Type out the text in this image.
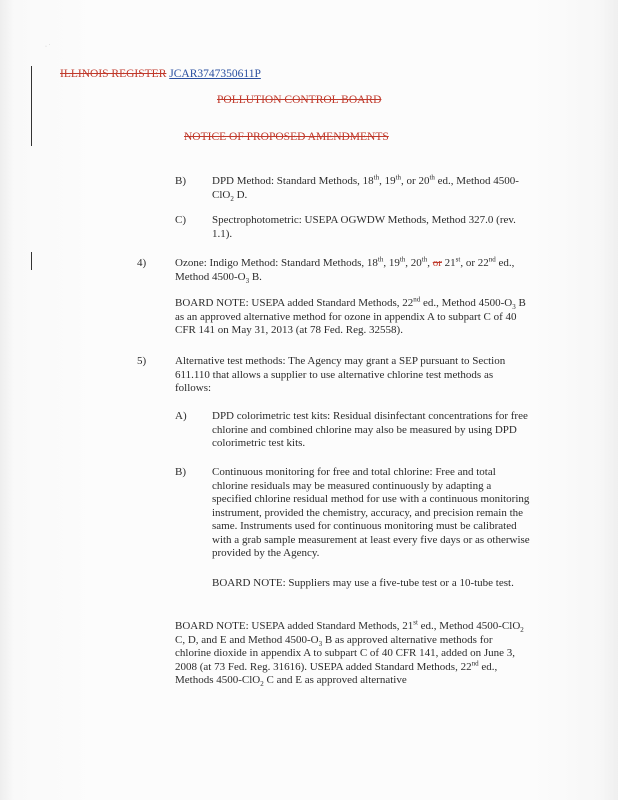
· ˙
ILLINOIS REGISTER JCAR3747350611P
POLLUTION CONTROL BOARD
NOTICE OF PROPOSED AMENDMENTS
B) DPD Method: Standard Methods, 18th, 19th, or 20th ed., Method 4500-ClO$_2$ D.
C) Spectrophotometric: USEPA OGWDW Methods, Method 327.0 (rev. 1.1).
4)	Ozone: Indigo Method: Standard Methods, 18th, 19th, 20th, or 21st, or 22nd ed., Method $4500-O_3$ B.
BOARD NOTE: USEPA added Standard Methods, 22nd ed., Method $4500-O_3$ B as an approved alternative method for ozone in appendix A to subpart C of 40 CFR 141 on May 31, 2013 (at 78 Fed. Reg. 32558).
5)	Alternative test methods: The Agency may grant a SEP pursuant to Section 611.110 that allows a supplier to use alternative chlorine test methods as follows:
A) DPD colorimetric test kits: Residual disinfectant concentrations for free chlorine and combined chlorine may also be measured by using DPD colorimetric test kits.
B) Continuous monitoring for free and total chlorine: Free and total chlorine residuals may be measured continuously by adapting a specified chlorine residual method for use with a continuous monitoring instrument, provided the chemistry, accuracy, and precision remain the same. Instruments used for continuous monitoring must be calibrated with a grab sample measurement at least every five days or as otherwise provided by the Agency.
BOARD NOTE: Suppliers may use a five-tube test or a 10-tube test.
BOARD NOTE: USEPA added Standard Methods, 21st ed., Method 4500-ClO$_2$ C, D, and E and Method $4500-O_3$ B as approved alternative methods for chlorine dioxide in appendix A to subpart C of 40 CFR 141, added on June 3, 2008 (at 73 Fed. Reg. 31616). USEPA added Standard Methods, 22nd ed., Methods 4500-ClO$_2$ C and E as approved alternative
